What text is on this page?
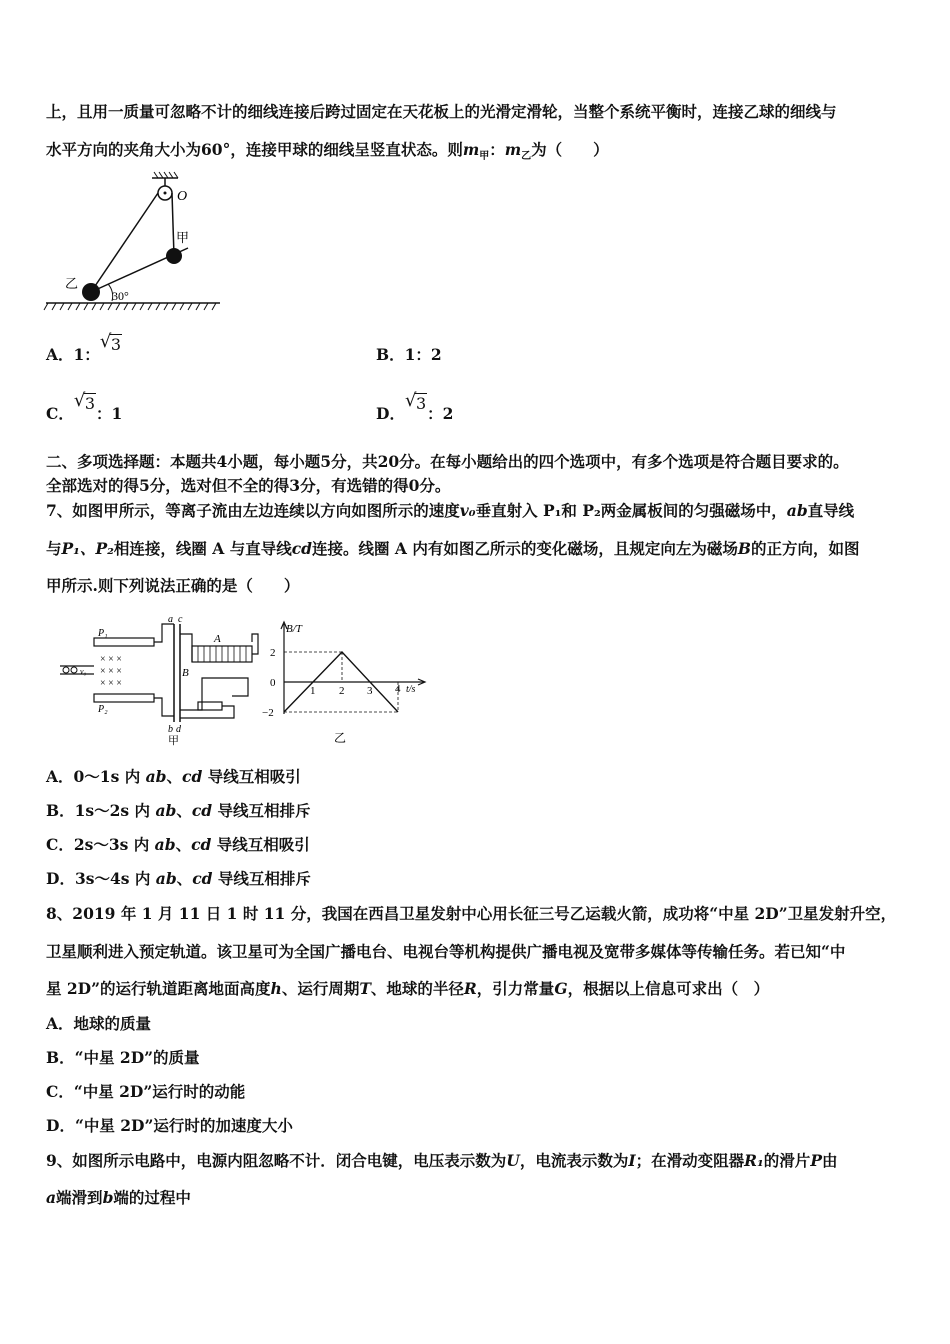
上，且用一质量可忽略不计的细线连接后跨过固定在天花板上的光滑定滑轮，当整个系统平衡时，连接乙球的细线与
水平方向的夹角大小为60°，连接甲球的细线呈竖直状态。则$m_甲$：$m_乙$为（　　）
O
甲
乙
30°
A．1：
√ 3
B．1：2
C．
√ 3：1	D．
√ 3：2
二、多项选择题：本题共4小题，每小题5分，共20分。在每小题给出的四个选项中，有多个选项是符合题目要求的。
全部选对的得5分，选对但不全的得3分，有选错的得0分。
7、如图甲所示，等离子流由左边连续以方向如图所示的速度v₀垂直射入 P₁和 P₂两金属板间的匀强磁场中，ab直导线
与P₁、P₂相连接，线圈 A 与直导线cd连接。线圈 A 内有如图乙所示的变化磁场，且规定向左为磁场B的正方向，如图
甲所示.则下列说法正确的是（　　）
P₁
P₂
× × ×
× × ×
× × ×
v₀
a c
b d
A
B
甲
B/T
t/s
2
0
−2
1 2 3 4
乙
A．0～1s 内 ab、cd 导线互相吸引
B．1s～2s 内 ab、cd 导线互相排斥
C．2s～3s 内 ab、cd 导线互相吸引
D．3s～4s 内 ab、cd 导线互相排斥
8、2019 年 1 月 11 日 1 时 11 分，我国在西昌卫星发射中心用长征三号乙运载火箭，成功将“中星 2D”卫星发射升空，
卫星顺利进入预定轨道。该卫星可为全国广播电台、电视台等机构提供广播电视及宽带多媒体等传输任务。若已知“中
星 2D”的运行轨道距离地面高度h、运行周期T、地球的半径R，引力常量G，根据以上信息可求出（　）
A．地球的质量
B．“中星 2D”的质量
C．“中星 2D”运行时的动能
D．“中星 2D”运行时的加速度大小
9、如图所示电路中，电源内阻忽略不计．闭合电键，电压表示数为U，电流表示数为I；在滑动变阻器R₁的滑片P由
a端滑到b端的过程中
